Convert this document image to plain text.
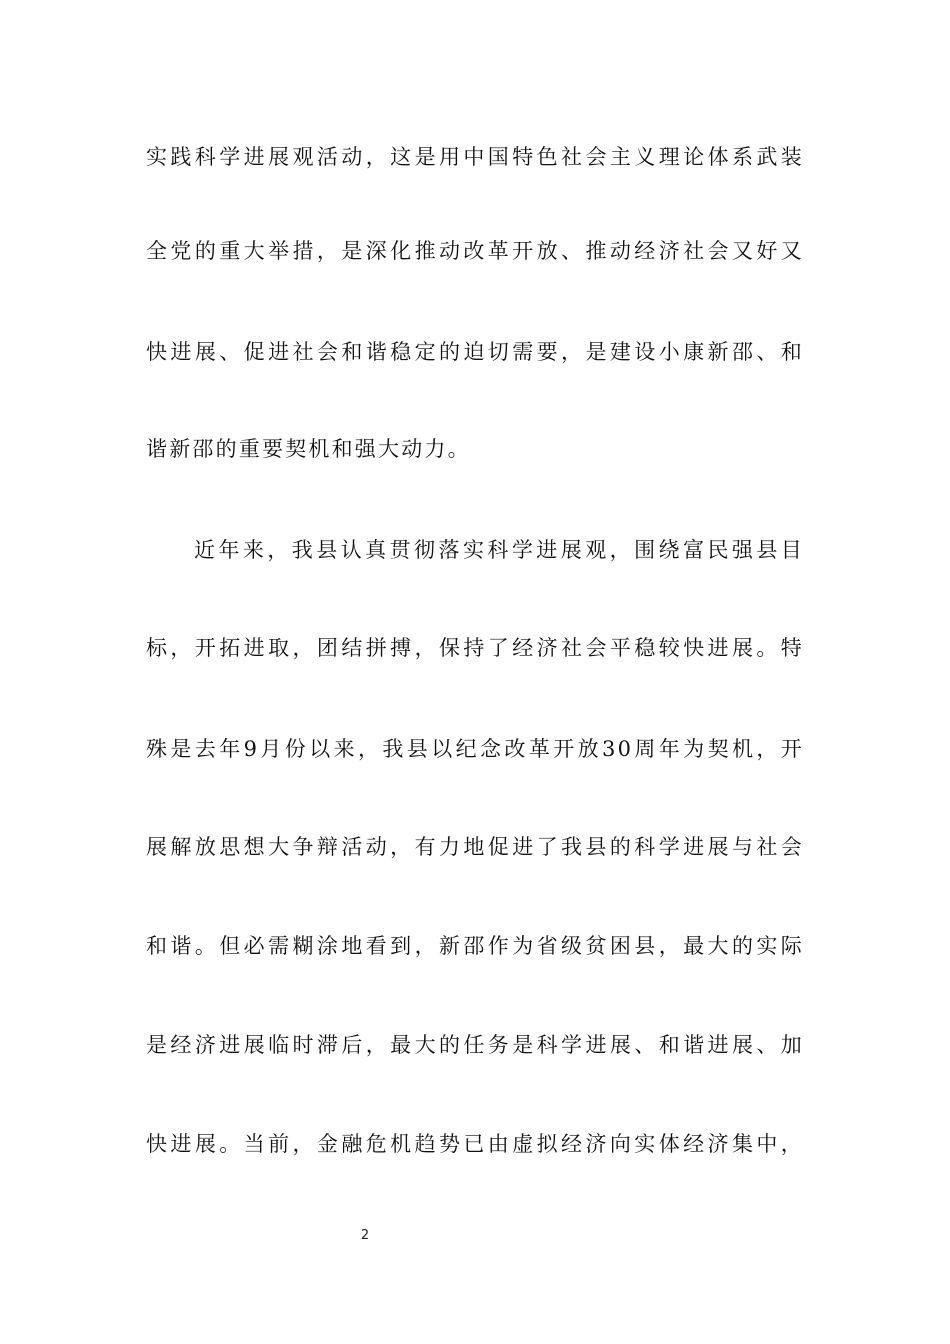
实践科学进展观活动，这是用中国特色社会主义理论体系武装
全党的重大举措，是深化推动改革开放、推动经济社会又好又
快进展、促进社会和谐稳定的迫切需要，是建设小康新邵、和
谐新邵的重要契机和强大动力。
近年来，我县认真贯彻落实科学进展观，围绕富民强县目
标，开拓进取，团结拼搏，保持了经济社会平稳较快进展。特
殊是去年9月份以来，我县以纪念改革开放30周年为契机，开
展解放思想大争辩活动，有力地促进了我县的科学进展与社会
和谐。但必需糊涂地看到，新邵作为省级贫困县，最大的实际
是经济进展临时滞后，最大的任务是科学进展、和谐进展、加
快进展。当前，金融危机趋势已由虚拟经济向实体经济集中，
2
